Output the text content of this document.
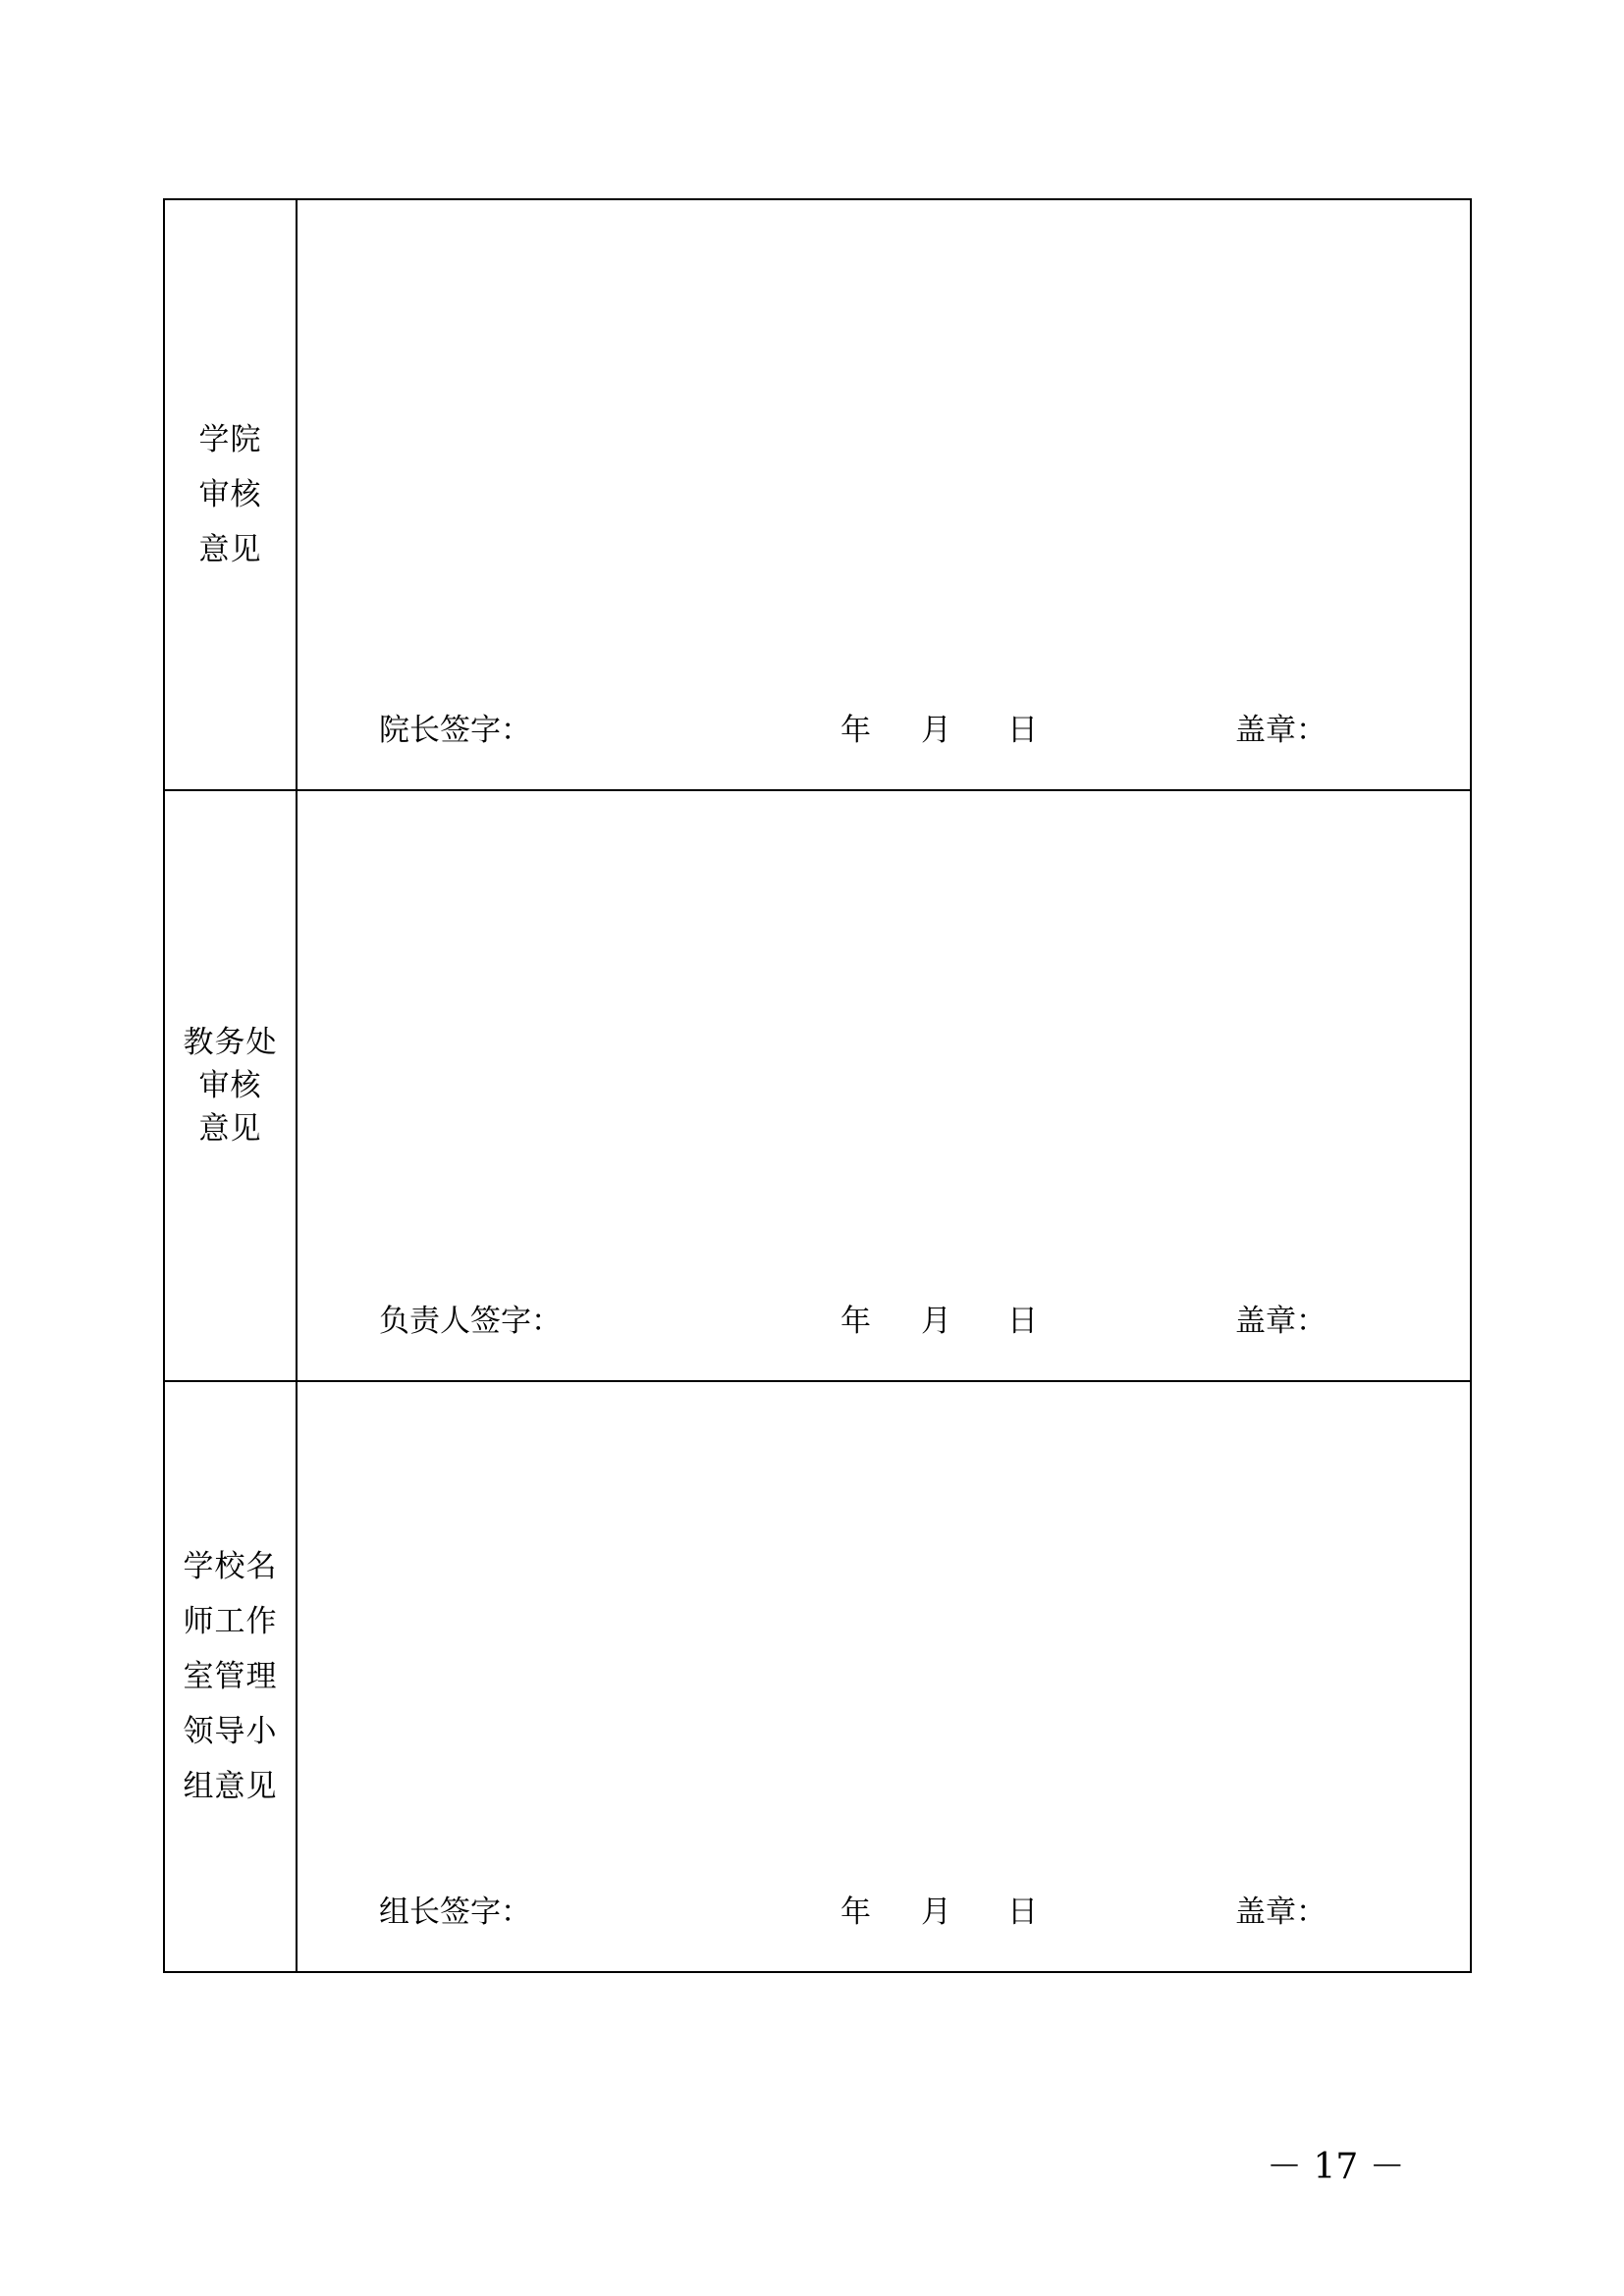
学院
审核
意见	院长签字： 年 月 日 盖章：

教务处
审核
意见	负责人签字： 年 月 日 盖章：

学校名
师工作
室管理
领导小
组意见	组长签字： 年 月 日 盖章：
－ 17 －
